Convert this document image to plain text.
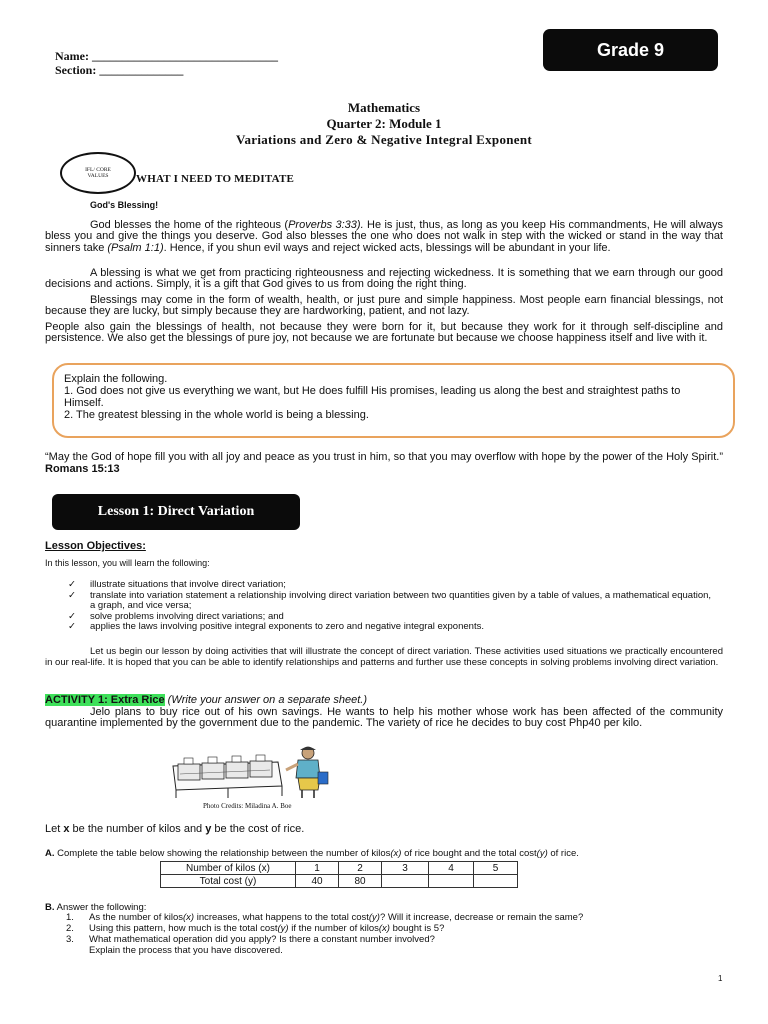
Grade 9
Name: _______________________________
Section: ______________
Mathematics
Quarter 2: Module 1
Variations and Zero & Negative Integral Exponent
IFL/ CORE VALUES	WHAT I NEED TO MEDITATE
God's Blessing!
God blesses the home of the righteous (Proverbs 3:33). He is just, thus, as long as you keep His commandments, He will always bless you and give the things you deserve. God also blesses the one who does not walk in step with the wicked or stand in the way that sinners take (Psalm 1:1). Hence, if you shun evil ways and reject wicked acts, blessings will be abundant in your life.
A blessing is what we get from practicing righteousness and rejecting wickedness. It is something that we earn through our good decisions and actions. Simply, it is a gift that God gives to us from doing the right thing.
Blessings may come in the form of wealth, health, or just pure and simple happiness. Most people earn financial blessings, not because they are lucky, but simply because they are hardworking, patient, and not lazy.
People also gain the blessings of health, not because they were born for it, but because they work for it through self-discipline and persistence. We also get the blessings of pure joy, not because we are fortunate but because we choose happiness itself and live with it.
Explain the following.
1. God does not give us everything we want, but He does fulfill His promises, leading us along the best and straightest paths to Himself.
2. The greatest blessing in the whole world is being a blessing.
“May the God of hope fill you with all joy and peace as you trust in him, so that you may overflow with hope by the power of the Holy Spirit.” Romans 15:13
Lesson 1: Direct Variation
Lesson Objectives:
In this lesson, you will learn the following:
✓ illustrate situations that involve direct variation;
✓ translate into variation statement a relationship involving direct variation between two quantities given by a table of values, a mathematical equation, a graph, and vice versa;
✓ solve problems involving direct variations; and
✓ applies the laws involving positive integral exponents to zero and negative integral exponents.
Let us begin our lesson by doing activities that will illustrate the concept of direct variation. These activities used situations we practically encountered in our real-life. It is hoped that you can be able to identify relationships and patterns and further use these concepts in solving problems involving direct variation.
ACTIVITY 1: Extra Rice (Write your answer on a separate sheet.)
Jelo plans to buy rice out of his own savings. He wants to help his mother whose work has been affected of the community quarantine implemented by the government due to the pandemic. The variety of rice he decides to buy cost Php40 per kilo.
Photo Credits: Miladina A. Boe
Let x be the number of kilos and y be the cost of rice.
A. Complete the table below showing the relationship between the number of kilos(x) of rice bought and the total cost(y) of rice.
Number of kilos (x)	1	2	3	4	5
Total cost (y)	40	80			
B. Answer the following:
1. As the number of kilos(x) increases, what happens to the total cost(y)? Will it increase, decrease or remain the same?
2. Using this pattern, how much is the total cost(y) if the number of kilos(x) bought is 5?
3. What mathematical operation did you apply? Is there a constant number involved?
Explain the process that you have discovered.
1
